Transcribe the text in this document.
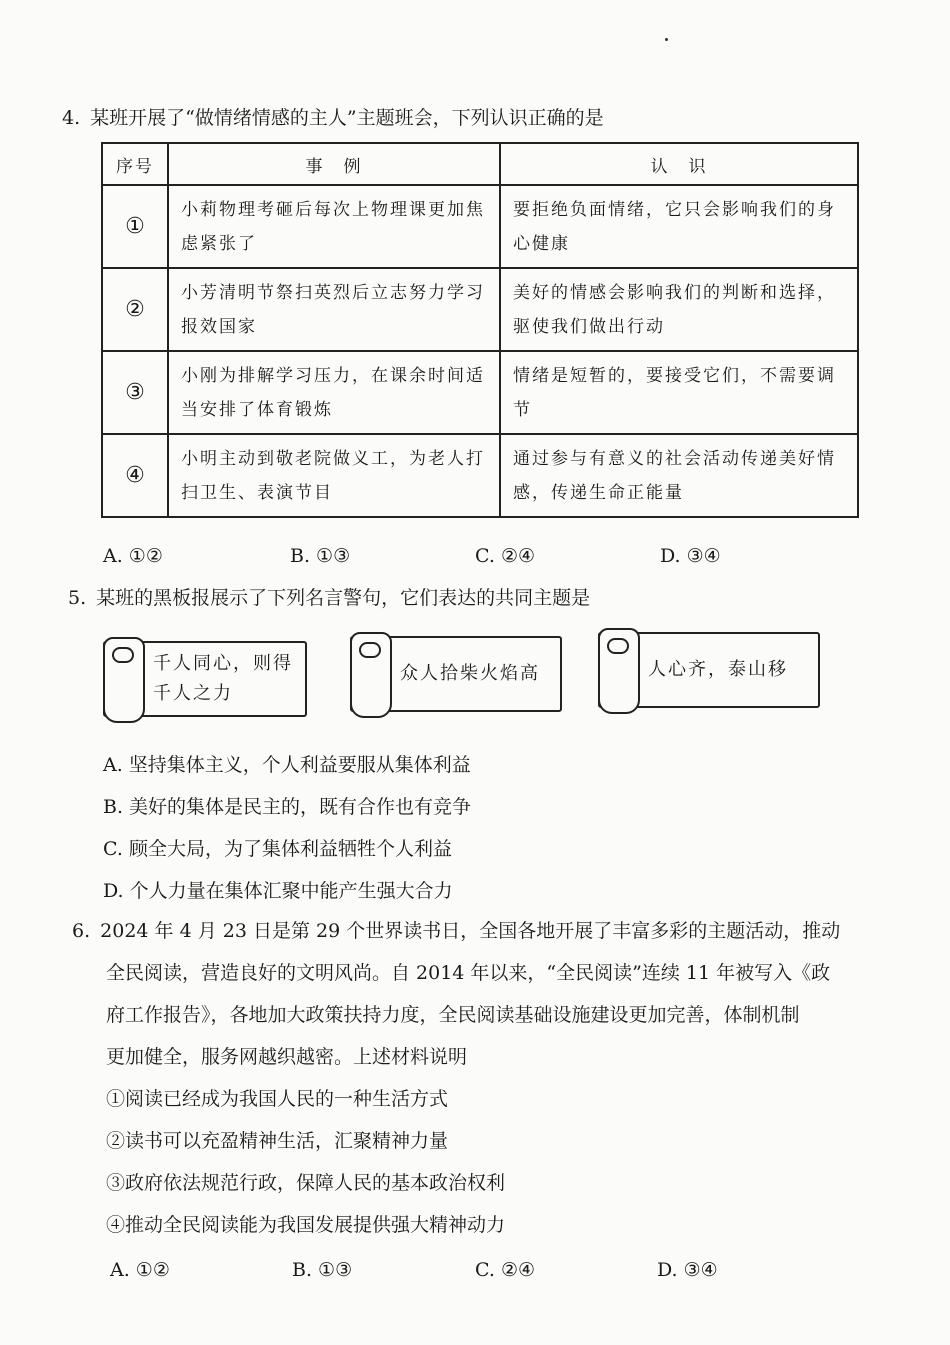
4. 某班开展了“做情绪情感的主人”主题班会，下列认识正确的是
序号	事　例	认　识
①	小莉物理考砸后每次上物理课更加焦虑紧张了	要拒绝负面情绪，它只会影响我们的身心健康

②	小芳清明节祭扫英烈后立志努力学习报效国家	美好的情感会影响我们的判断和选择，驱使我们做出行动

③	小刚为排解学习压力，在课余时间适当安排了体育锻炼	情绪是短暂的，要接受它们，不需要调节

④	小明主动到敬老院做义工，为老人打扫卫生、表演节目	通过参与有意义的社会活动传递美好情感，传递生命正能量
A. ①②	B. ①③	C. ②④	D. ③④
5. 某班的黑板报展示了下列名言警句，它们表达的共同主题是
千人同心，则得千人之力
众人拾柴火焰高	人心齐，泰山移
A. 坚持集体主义，个人利益要服从集体利益
B. 美好的集体是民主的，既有合作也有竞争
C. 顾全大局，为了集体利益牺牲个人利益
D. 个人力量在集体汇聚中能产生强大合力
6. 2024 年 4 月 23 日是第 29 个世界读书日，全国各地开展了丰富多彩的主题活动，推动
全民阅读，营造良好的文明风尚。自 2014 年以来，“全民阅读”连续 11 年被写入《政
府工作报告》，各地加大政策扶持力度，全民阅读基础设施建设更加完善，体制机制
更加健全，服务网越织越密。上述材料说明
①阅读已经成为我国人民的一种生活方式
②读书可以充盈精神生活，汇聚精神力量
③政府依法规范行政，保障人民的基本政治权利
④推动全民阅读能为我国发展提供强大精神动力
A. ①②	B. ①③	C. ②④	D. ③④
